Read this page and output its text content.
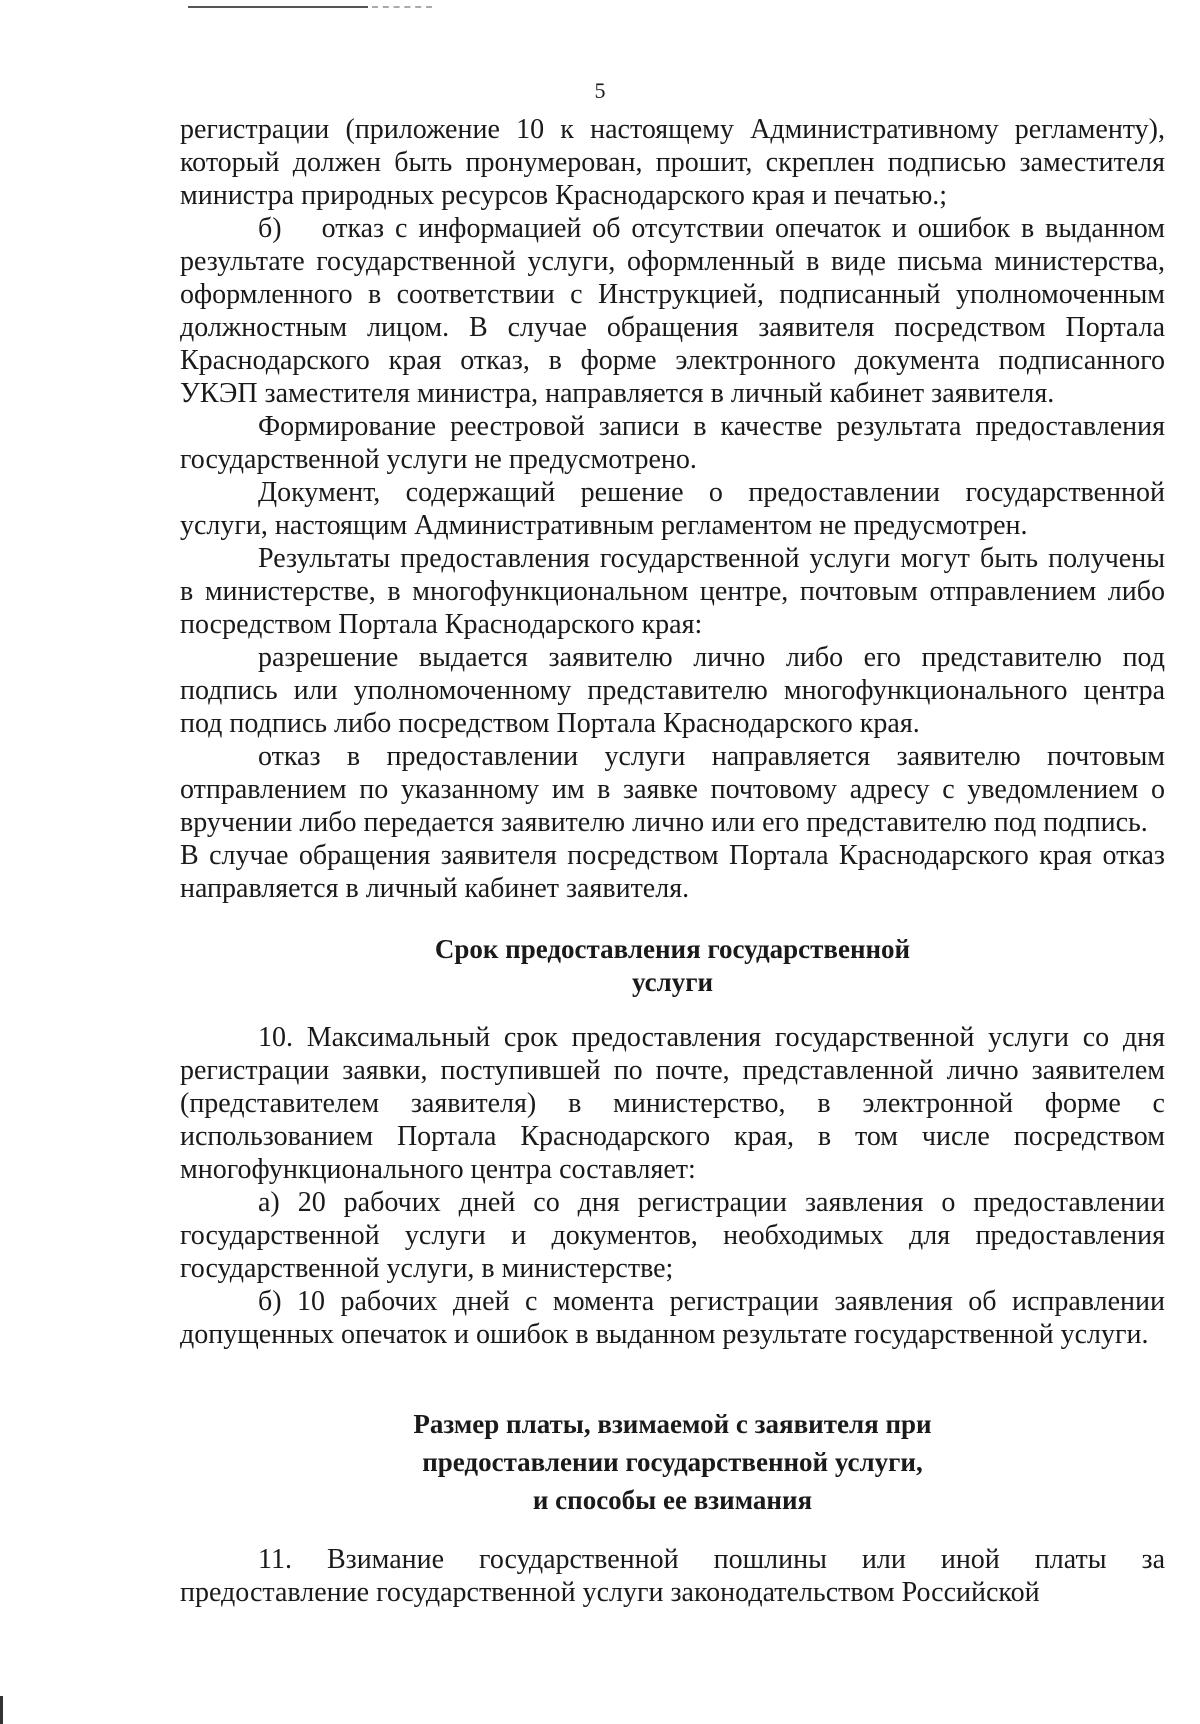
5

регистрации (приложение 10 к настоящему Административному регламенту), который должен быть пронумерован, прошит, скреплен подписью заместителя министра природных ресурсов Краснодарского края и печатью.;

б) отказ с информацией об отсутствии опечаток и ошибок в выданном результате государственной услуги, оформленный в виде письма министерства, оформленного в соответствии с Инструкцией, подписанный уполномоченным должностным лицом. В случае обращения заявителя посредством Портала Краснодарского края отказ, в форме электронного документа подписанного УКЭП заместителя министра, направляется в личный кабинет заявителя.

Формирование реестровой записи в качестве результата предоставления государственной услуги не предусмотрено.

Документ, содержащий решение о предоставлении государственной услуги, настоящим Административным регламентом не предусмотрен.

Результаты предоставления государственной услуги могут быть получены в министерстве, в многофункциональном центре, почтовым отправлением либо посредством Портала Краснодарского края:

разрешение выдается заявителю лично либо его представителю под подпись или уполномоченному представителю многофункционального центра под подпись либо посредством Портала Краснодарского края.

отказ в предоставлении услуги направляется заявителю почтовым отправлением по указанному им в заявке почтовому адресу с уведомлением о вручении либо передается заявителю лично или его представителю под подпись.

В случае обращения заявителя посредством Портала Краснодарского края отказ направляется в личный кабинет заявителя.

Срок предоставления государственной
услуги

10. Максимальный срок предоставления государственной услуги со дня регистрации заявки, поступившей по почте, представленной лично заявителем (представителем заявителя) в министерство, в электронной форме с использованием Портала Краснодарского края, в том числе посредством многофункционального центра составляет:

а) 20 рабочих дней со дня регистрации заявления о предоставлении государственной услуги и документов, необходимых для предоставления государственной услуги, в министерстве;

б) 10 рабочих дней с момента регистрации заявления об исправлении допущенных опечаток и ошибок в выданном результате государственной услуги.

Размер платы, взимаемой с заявителя при
предоставлении государственной услуги,
и способы ее взимания

11. Взимание государственной пошлины или иной платы за предоставление государственной услуги законодательством Российской
